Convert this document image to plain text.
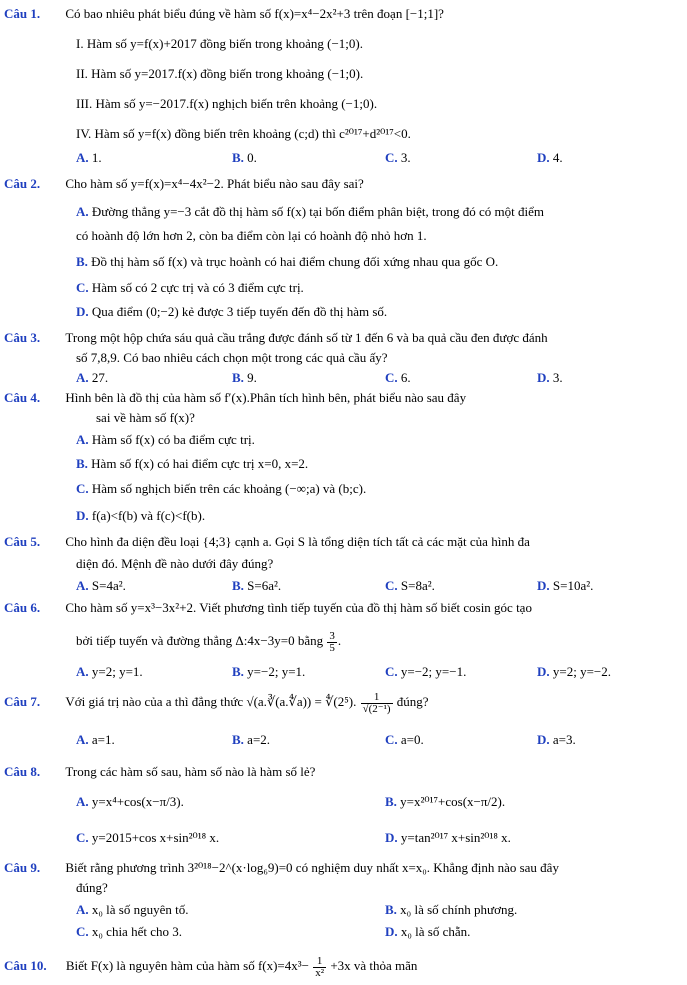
Câu 1. Có bao nhiêu phát biểu đúng về hàm số f(x)=x⁴−2x²+3 trên đoạn [−1;1]?
I. Hàm số y=f(x)+2017 đồng biến trong khoảng (−1;0).
II. Hàm số y=2017.f(x) đồng biến trong khoảng (−1;0).
III. Hàm số y=−2017.f(x) nghịch biến trên khoảng (−1;0).
IV. Hàm số y=f(x) đồng biến trên khoảng (c;d) thì c²⁰¹⁷+d²⁰¹⁷<0.
A. 1.	B. 0.	C. 3.	D. 4.
Câu 2. Cho hàm số y=f(x)=x⁴−4x²−2. Phát biểu nào sau đây sai?
A. Đường thẳng y=−3 cắt đồ thị hàm số f(x) tại bốn điểm phân biệt, trong đó có một điểm
có hoành độ lớn hơn 2, còn ba điểm còn lại có hoành độ nhỏ hơn 1.
B. Đồ thị hàm số f(x) và trục hoành có hai điểm chung đối xứng nhau qua gốc O.
C. Hàm số có 2 cực trị và có 3 điểm cực trị.
D. Qua điểm (0;−2) kẻ được 3 tiếp tuyến đến đồ thị hàm số.
Câu 3. Trong một hộp chứa sáu quả cầu trắng được đánh số từ 1 đến 6 và ba quả cầu đen được đánh
số 7,8,9. Có bao nhiêu cách chọn một trong các quả cầu ấy?
A. 27.	B. 9.	C. 6.	D. 3.
Câu 4. Hình bên là đồ thị của hàm số f′(x).Phân tích hình bên, phát biểu nào sau đây
sai về hàm số f(x)?
A. Hàm số f(x) có ba điểm cực trị.
B. Hàm số f(x) có hai điểm cực trị x=0, x=2.
C. Hàm số nghịch biến trên các khoảng (−∞;a) và (b;c).
D. f(a)<f(b) và f(c)<f(b).
Câu 5. Cho hình đa diện đều loại {4;3} cạnh a. Gọi S là tổng diện tích tất cả các mặt của hình đa
diện đó. Mệnh đề nào dưới đây đúng?
A. S=4a².	B. S=6a².	C. S=8a².	D. S=10a².
Câu 6. Cho hàm số y=x³−3x²+2. Viết phương tình tiếp tuyến của đồ thị hàm số biết cosin góc tạo
bởi tiếp tuyến và đường thẳng Δ:4x−3y=0 bằng $\frac{3}{5}$ .
A. y=2; y=1.	B. y=−2; y=1.	C. y=−2; y=−1.	D. y=2; y=−2.
Câu 7. Với giá trị nào của a thì đẳng thức √(a.∛(a.∜a)) = ∜(2⁵). $\frac{1}{\text{√(2⁻¹)}}$ đúng?
A. a=1.	B. a=2.	C. a=0.	D. a=3.
Câu 8. Trong các hàm số sau, hàm số nào là hàm số lẻ?
A. y=x⁴+cos(x−π/3).	B. y=x²⁰¹⁷+cos(x−π/2).
C. y=2015+cos x+sin²⁰¹⁸ x.	D. y=tan²⁰¹⁷ x+sin²⁰¹⁸ x.
Câu 9. Biết rằng phương trình 3²⁰¹⁸−2^(x·log₆9)=0 có nghiệm duy nhất x=x₀. Khẳng định nào sau đây
đúng?
A. x₀ là số nguyên tố.	B. x₀ là số chính phương.
C. x₀ chia hết cho 3.	D. x₀ là số chẵn.
Câu 10. Biết F(x) là nguyên hàm của hàm số $f(x)=4x^3- \frac{1}{\text{x²}} +3x$ và thỏa mãn
